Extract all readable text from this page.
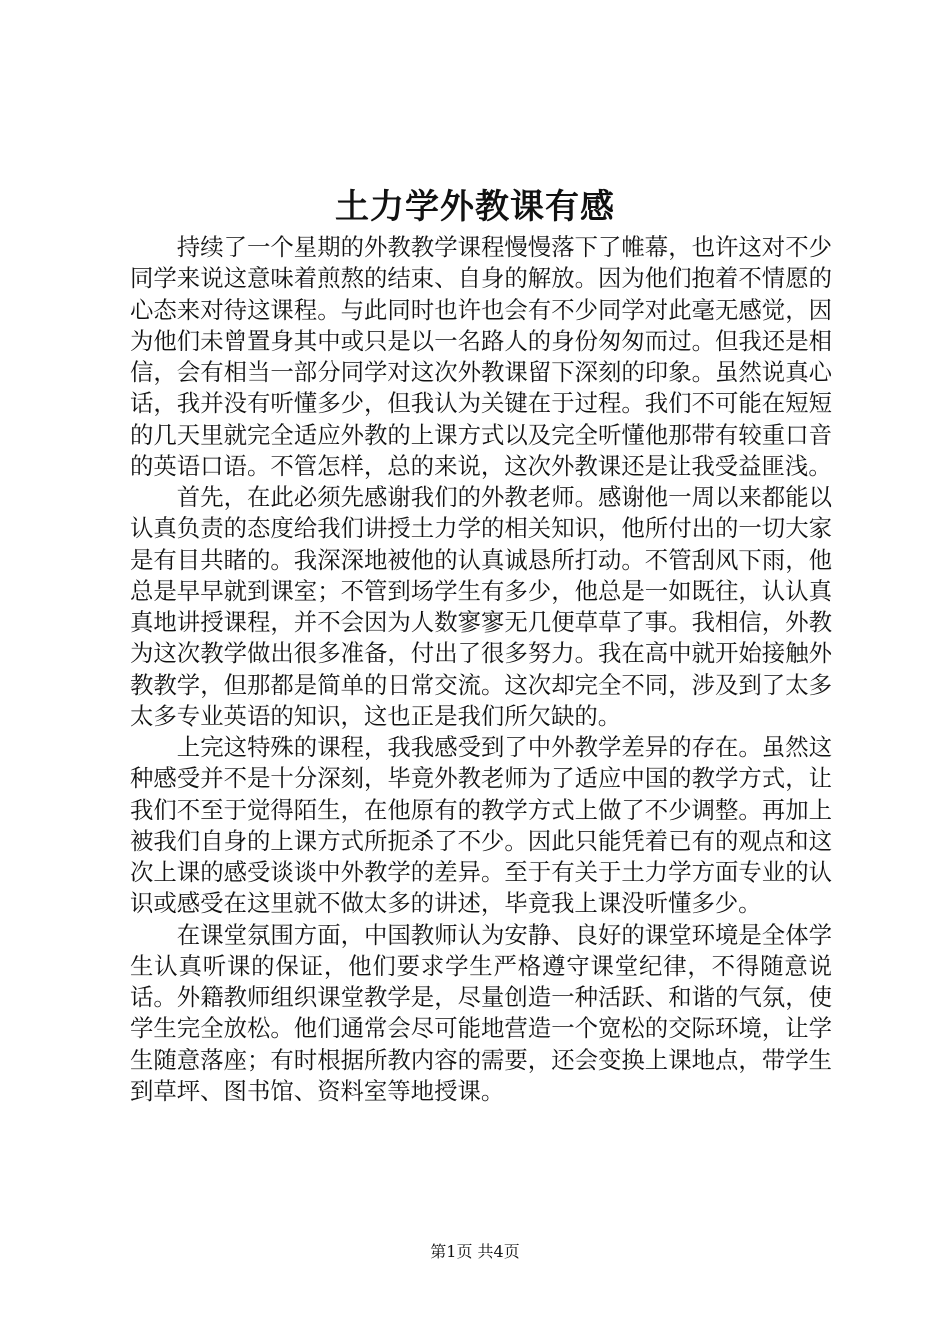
土力学外教课有感

持续了一个星期的外教教学课程慢慢落下了帷幕，也许这对不少同学来说这意味着煎熬的结束、自身的解放。因为他们抱着不情愿的心态来对待这课程。与此同时也许也会有不少同学对此毫无感觉，因为他们未曾置身其中或只是以一名路人的身份匆匆而过。但我还是相信，会有相当一部分同学对这次外教课留下深刻的印象。虽然说真心话，我并没有听懂多少，但我认为关键在于过程。我们不可能在短短的几天里就完全适应外教的上课方式以及完全听懂他那带有较重口音的英语口语。不管怎样，总的来说，这次外教课还是让我受益匪浅。

首先，在此必须先感谢我们的外教老师。感谢他一周以来都能以认真负责的态度给我们讲授土力学的相关知识，他所付出的一切大家是有目共睹的。我深深地被他的认真诚恳所打动。不管刮风下雨，他总是早早就到课室；不管到场学生有多少，他总是一如既往，认认真真地讲授课程，并不会因为人数寥寥无几便草草了事。我相信，外教为这次教学做出很多准备，付出了很多努力。我在高中就开始接触外教教学，但那都是简单的日常交流。这次却完全不同，涉及到了太多太多专业英语的知识，这也正是我们所欠缺的。

上完这特殊的课程，我我感受到了中外教学差异的存在。虽然这种感受并不是十分深刻，毕竟外教老师为了适应中国的教学方式，让我们不至于觉得陌生，在他原有的教学方式上做了不少调整。再加上被我们自身的上课方式所扼杀了不少。因此只能凭着已有的观点和这次上课的感受谈谈中外教学的差异。至于有关于土力学方面专业的认识或感受在这里就不做太多的讲述，毕竟我上课没听懂多少。

在课堂氛围方面，中国教师认为安静、良好的课堂环境是全体学生认真听课的保证，他们要求学生严格遵守课堂纪律，不得随意说话。外籍教师组织课堂教学是，尽量创造一种活跃、和谐的气氛，使学生完全放松。他们通常会尽可能地营造一个宽松的交际环境，让学生随意落座；有时根据所教内容的需要，还会变换上课地点，带学生到草坪、图书馆、资料室等地授课。

第1页 共4页
